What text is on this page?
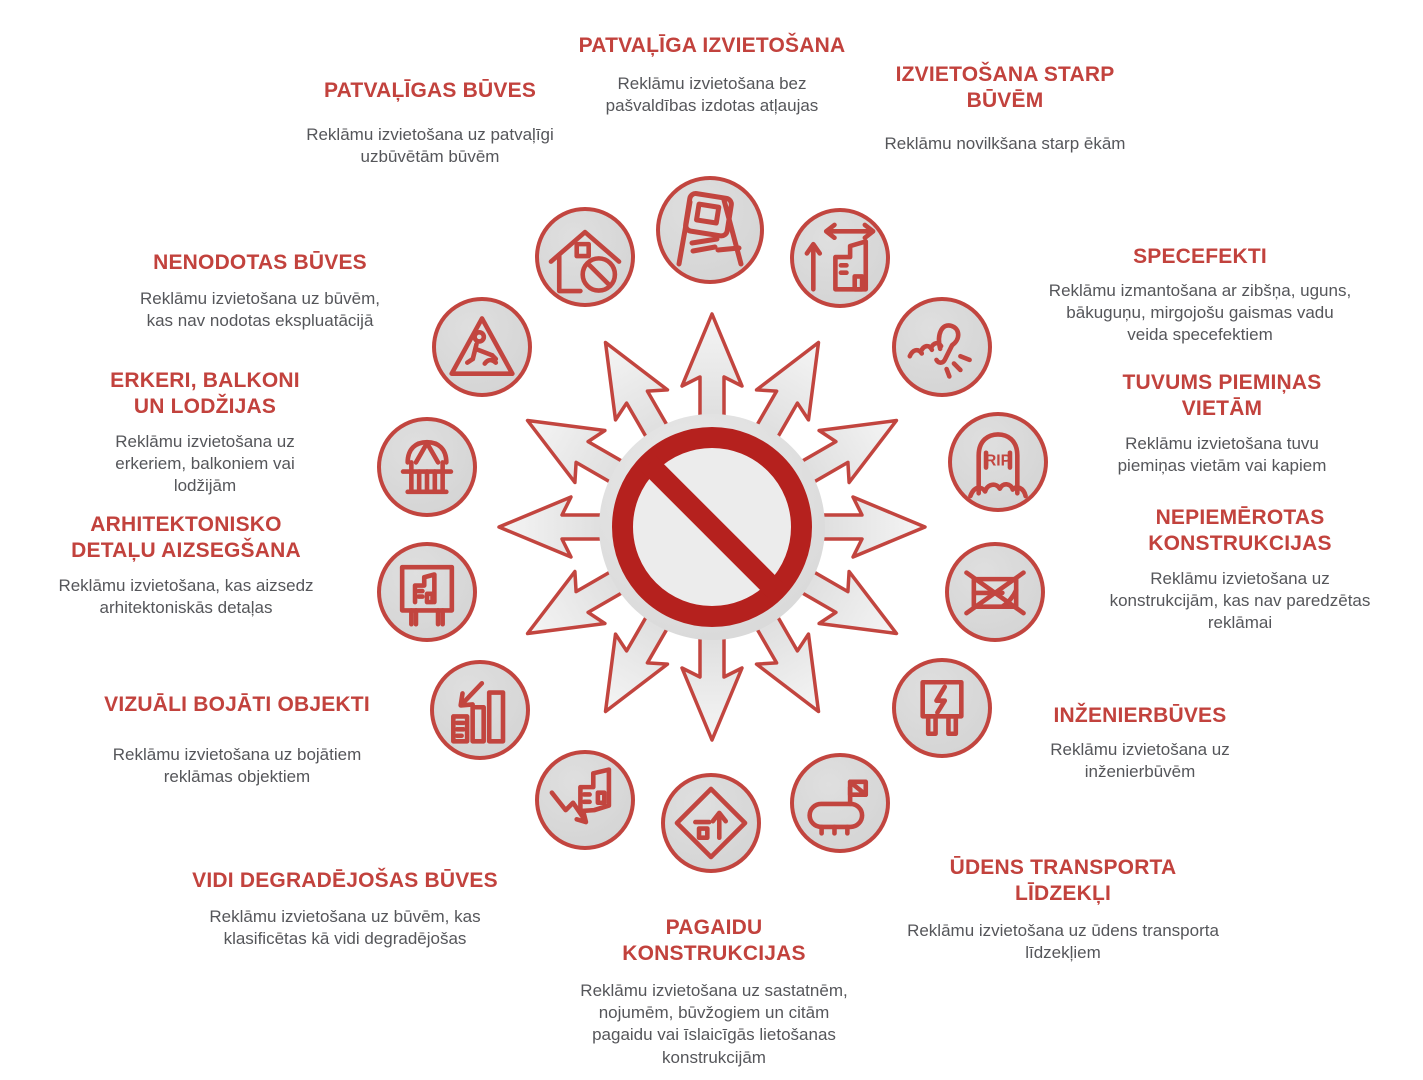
RIP
PATVAĻĪGA IZVIETOŠANA

Reklāmu izvietošana bez pašvaldības izdotas atļaujas

PATVAĻĪGAS BŪVES

Reklāmu izvietošana uz patvaļīgi uzbūvētām būvēm

IZVIETOŠANA STARP BŪVĒM

Reklāmu novilkšana starp ēkām

SPECEFEKTI

Reklāmu izmantošana ar zibšņa, uguns, bākuguņu, mirgojošu gaismas vadu veida specefektiem

TUVUMS PIEMIŅAS VIETĀM

Reklāmu izvietošana tuvu piemiņas vietām vai kapiem

NEPIEMĒROTAS KONSTRUKCIJAS

Reklāmu izvietošana uz konstrukcijām, kas nav paredzētas reklāmai

INŽENIERBŪVES

Reklāmu izvietošana uz inženierbūvēm

ŪDENS TRANSPORTA LĪDZEKĻI

Reklāmu izvietošana uz ūdens transporta līdzekļiem

PAGAIDU KONSTRUKCIJAS

Reklāmu izvietošana uz sastatnēm, nojumēm, būvžogiem un citām pagaidu vai īslaicīgās lietošanas konstrukcijām

VIDI DEGRADĒJOŠAS BŪVES

Reklāmu izvietošana uz būvēm, kas klasificētas kā vidi degradējošas

VIZUĀLI BOJĀTI OBJEKTI

Reklāmu izvietošana uz bojātiem reklāmas objektiem

ARHITEKTONISKO DETAĻU AIZSEGŠANA

Reklāmu izvietošana, kas aizsedz arhitektoniskās detaļas

ERKERI, BALKONI UN LODŽIJAS

Reklāmu izvietošana uz erkeriem, balkoniem vai lodžijām

NENODOTAS BŪVES

Reklāmu izvietošana uz būvēm, kas nav nodotas ekspluatācijā
